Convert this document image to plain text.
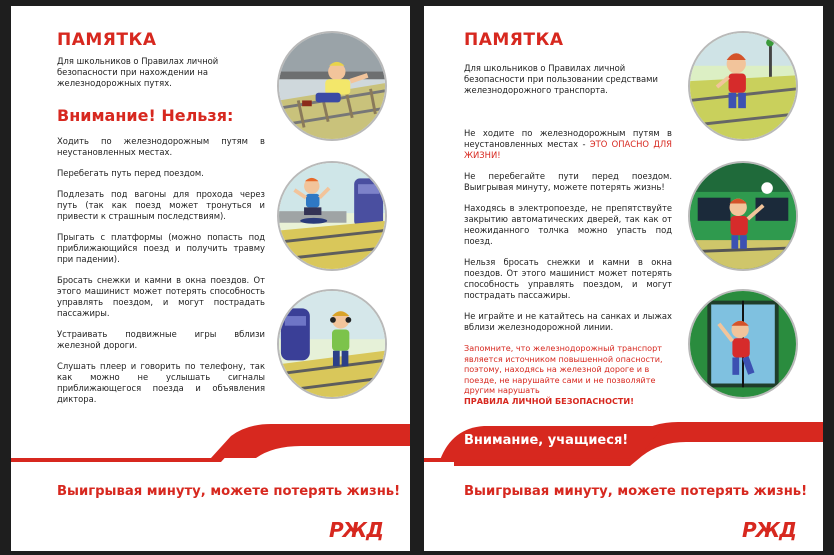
ПАМЯТКА
Для школьников о Правилах личной безопасности при нахождении на железнодорожных путях.
Внимание! Нельзя:

Ходить по железнодорожным путям в неустановленных местах.

Перебегать путь перед поездом.

Подлезать под вагоны для прохода через путь (так как поезд может тронуться и привести к страшным последствиям).

Прыгать с платформы (можно попасть под приближающийся поезд и получить травму при падении).

Бросать снежки и камни в окна поездов. От этого машинист может потерять способность управлять поездом, и могут пострадать пассажиры.

Устраивать подвижные игры вблизи железной дороги.

Слушать плеер и говорить по телефону, так как можно не услышать сигналы приближающегося поезда и объявления диктора.

Выигрывая минуту, можете потерять жизнь!
РЖД
ПАМЯТКА
Для школьников о Правилах личной безопасности при пользовании средствами железнодорожного транспорта.

Не ходите по железнодорожным путям в неустановленных местах - ЭТО ОПАСНО ДЛЯ ЖИЗНИ!

Не перебегайте пути перед поездом. Выигрывая минуту, можете потерять жизнь!

Находясь в электропоезде, не препятствуйте закрытию автоматических дверей, так как от неожиданного толчка можно упасть под поезд.

Нельзя бросать снежки и камни в окна поездов. От этого машинист может потерять способность управлять поездом, и могут пострадать пассажиры.

Не играйте и не катайтесь на санках и лыжах вблизи железнодорожной линии.

Запомните, что железнодорожный транспорт является источником повышенной опасности, поэтому, находясь на железной дороге и в поезде, не нарушайте сами и не позволяйте другим нарушать
ПРАВИЛА ЛИЧНОЙ БЕЗОПАСНОСТИ!
Внимание, учащиеся!
Выигрывая минуту, можете потерять жизнь!
РЖД
